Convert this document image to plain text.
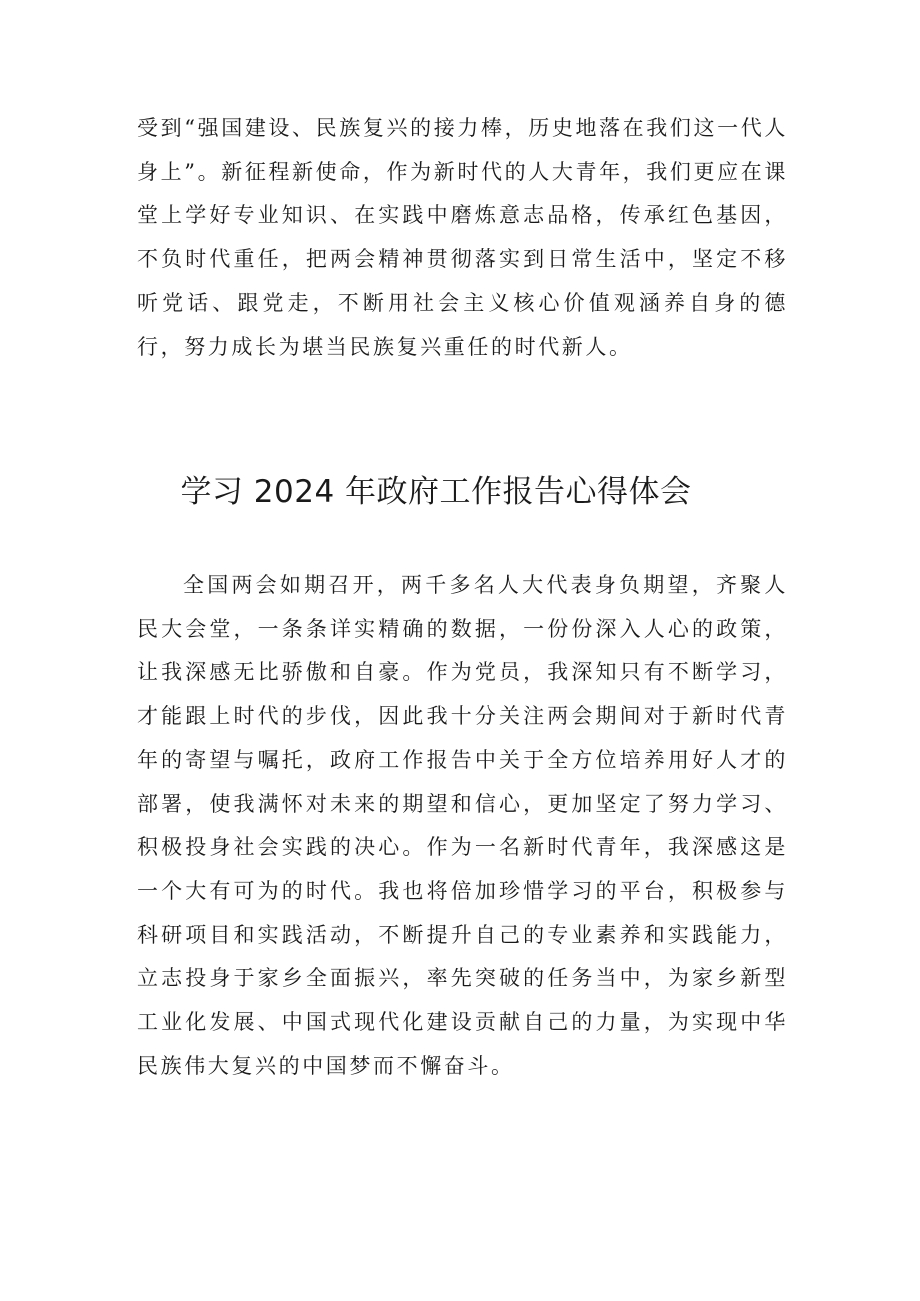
受到“强国建设、民族复兴的接力棒，历史地落在我们这一代人身上”。新征程新使命，作为新时代的人大青年，我们更应在课堂上学好专业知识、在实践中磨炼意志品格，传承红色基因，不负时代重任，把两会精神贯彻落实到日常生活中，坚定不移听党话、跟党走，不断用社会主义核心价值观涵养自身的德行，努力成长为堪当民族复兴重任的时代新人。

学习 2024 年政府工作报告心得体会

全国两会如期召开，两千多名人大代表身负期望，齐聚人民大会堂，一条条详实精确的数据，一份份深入人心的政策，让我深感无比骄傲和自豪。作为党员，我深知只有不断学习，才能跟上时代的步伐，因此我十分关注两会期间对于新时代青年的寄望与嘱托，政府工作报告中关于全方位培养用好人才的部署，使我满怀对未来的期望和信心，更加坚定了努力学习、积极投身社会实践的决心。作为一名新时代青年，我深感这是一个大有可为的时代。我也将倍加珍惜学习的平台，积极参与科研项目和实践活动，不断提升自己的专业素养和实践能力，立志投身于家乡全面振兴，率先突破的任务当中，为家乡新型工业化发展、中国式现代化建设贡献自己的力量，为实现中华民族伟大复兴的中国梦而不懈奋斗。
